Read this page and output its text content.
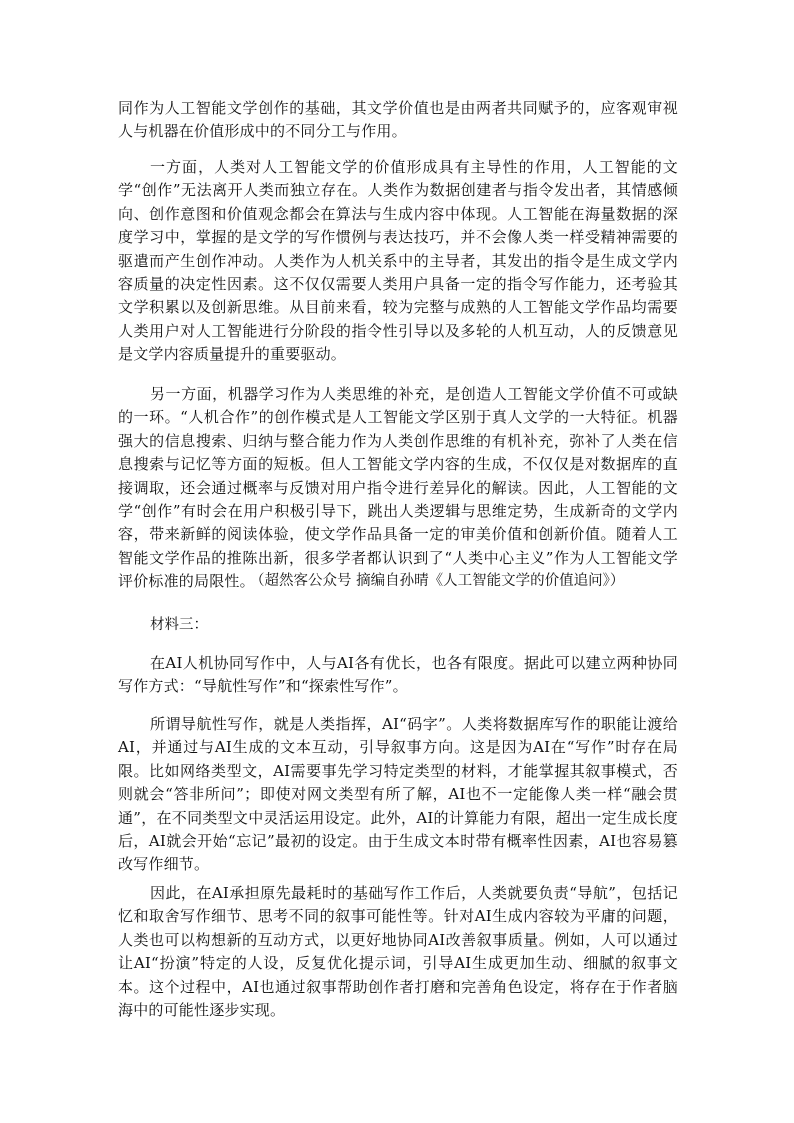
同作为人工智能文学创作的基础，其文学价值也是由两者共同赋予的，应客观审视人与机器在价值形成中的不同分工与作用。

一方面，人类对人工智能文学的价值形成具有主导性的作用，人工智能的文学“创作”无法离开人类而独立存在。人类作为数据创建者与指令发出者，其情感倾向、创作意图和价值观念都会在算法与生成内容中体现。人工智能在海量数据的深度学习中，掌握的是文学的写作惯例与表达技巧，并不会像人类一样受精神需要的驱遣而产生创作冲动。人类作为人机关系中的主导者，其发出的指令是生成文学内容质量的决定性因素。这不仅仅需要人类用户具备一定的指令写作能力，还考验其文学积累以及创新思维。从目前来看，较为完整与成熟的人工智能文学作品均需要人类用户对人工智能进行分阶段的指令性引导以及多轮的人机互动，人的反馈意见是文学内容质量提升的重要驱动。

另一方面，机器学习作为人类思维的补充，是创造人工智能文学价值不可或缺的一环。“人机合作”的创作模式是人工智能文学区别于真人文学的一大特征。机器强大的信息搜索、归纳与整合能力作为人类创作思维的有机补充，弥补了人类在信息搜索与记忆等方面的短板。但人工智能文学内容的生成，不仅仅是对数据库的直接调取，还会通过概率与反馈对用户指令进行差异化的解读。因此，人工智能的文学“创作”有时会在用户积极引导下，跳出人类逻辑与思维定势，生成新奇的文学内容，带来新鲜的阅读体验，使文学作品具备一定的审美价值和创新价值。随着人工智能文学作品的推陈出新，很多学者都认识到了“人类中心主义”作为人工智能文学评价标准的局限性。

（超然客公众号 摘编自孙晴《人工智能文学的价值追问》）

材料三：

在AI人机协同写作中，人与AI各有优长，也各有限度。据此可以建立两种协同写作方式：“导航性写作”和“探索性写作”。

所谓导航性写作，就是人类指挥，AI“码字”。人类将数据库写作的职能让渡给AI，并通过与AI生成的文本互动，引导叙事方向。这是因为AI在“写作”时存在局限。比如网络类型文，AI需要事先学习特定类型的材料，才能掌握其叙事模式，否则就会“答非所问”；即使对网文类型有所了解，AI也不一定能像人类一样“融会贯通”，在不同类型文中灵活运用设定。此外，AI的计算能力有限，超出一定生成长度后，AI就会开始“忘记”最初的设定。由于生成文本时带有概率性因素，AI也容易篡改写作细节。

因此，在AI承担原先最耗时的基础写作工作后，人类就要负责“导航”，包括记忆和取舍写作细节、思考不同的叙事可能性等。针对AI生成内容较为平庸的问题，人类也可以构想新的互动方式，以更好地协同AI改善叙事质量。例如，人可以通过让AI“扮演”特定的人设，反复优化提示词，引导AI生成更加生动、细腻的叙事文本。这个过程中，AI也通过叙事帮助创作者打磨和完善角色设定，将存在于作者脑海中的可能性逐步实现。
